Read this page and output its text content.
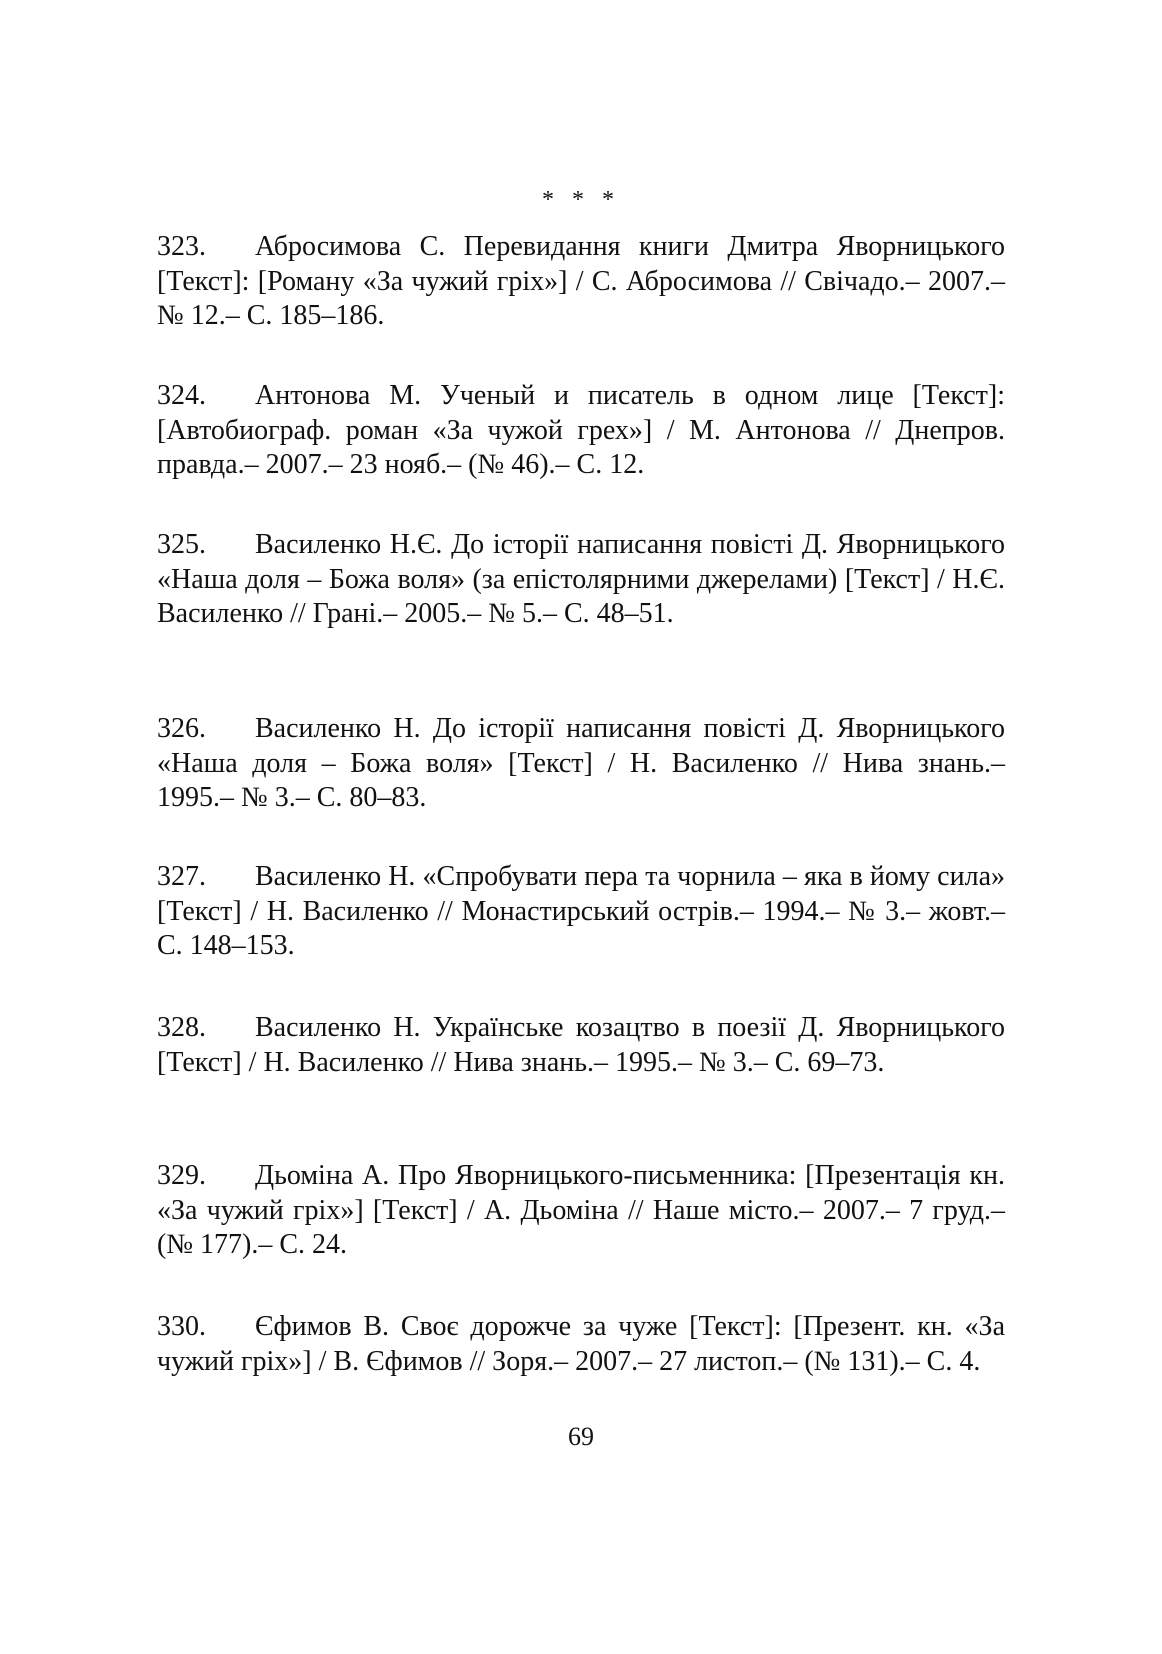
* * *

323. Абросимова С. Перевидання книги Дмитра Яворницького [Текст]: [Роману «За чужий гріх»] / С. Абросимова // Свічадо.– 2007.– № 12.– С. 185–186.

324. Антонова М. Ученый и писатель в одном лице [Текст]: [Автобиограф. роман «За чужой грех»] / М. Антонова // Днепров. правда.– 2007.– 23 нояб.– (№ 46).– С. 12.

325. Василенко Н.Є. До історії написання повісті Д. Яворницького «Наша доля – Божа воля» (за епістолярними джерелами) [Текст] / Н.Є. Василенко // Грані.– 2005.– № 5.– С. 48–51.

326. Василенко Н. До історії написання повісті Д. Яворницького «Наша доля – Божа воля» [Текст] / Н. Василенко // Нива знань.– 1995.– № 3.– С. 80–83.

327. Василенко Н. «Спробувати пера та чорнила – яка в йому сила» [Текст] / Н. Василенко // Монастирський острів.– 1994.– № 3.– жовт.– С. 148–153.

328. Василенко Н. Українське козацтво в поезії Д. Яворницького [Текст] / Н. Василенко // Нива знань.– 1995.– № 3.– С. 69–73.

329. Дьоміна А. Про Яворницького-письменника: [Презентація кн. «За чужий гріх»] [Текст] / А. Дьоміна // Наше місто.– 2007.– 7 груд.– (№ 177).– С. 24.

330. Єфимов В. Своє дорожче за чуже [Текст]: [Презент. кн. «За чужий гріх»] / В. Єфимов // Зоря.– 2007.– 27 листоп.– (№ 131).– С. 4.

69
